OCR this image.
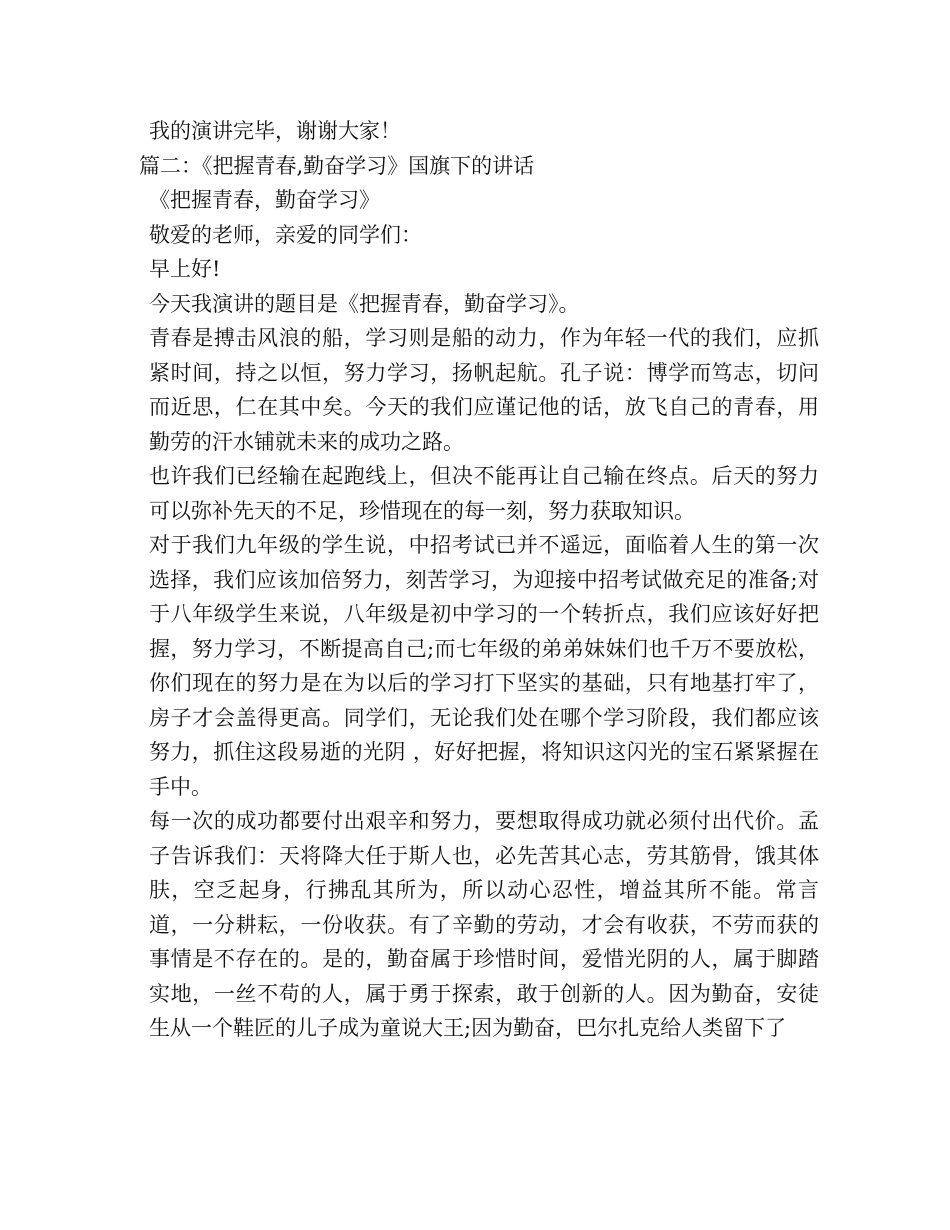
我的演讲完毕，谢谢大家！

篇二：《把握青春,勤奋学习》国旗下的讲话

《把握青春，勤奋学习》

敬爱的老师，亲爱的同学们：

早上好!

今天我演讲的题目是《把握青春，勤奋学习》。

青春是搏击风浪的船，学习则是船的动力，作为年轻一代的我们，应抓紧时间，持之以恒，努力学习，扬帆起航。孔子说：博学而笃志，切问而近思，仁在其中矣。今天的我们应谨记他的话，放飞自己的青春，用勤劳的汗水铺就未来的成功之路。

也许我们已经输在起跑线上，但决不能再让自己输在终点。后天的努力可以弥补先天的不足，珍惜现在的每一刻，努力获取知识。

对于我们九年级的学生说，中招考试已并不遥远，面临着人生的第一次选择，我们应该加倍努力，刻苦学习，为迎接中招考试做充足的准备;对于八年级学生来说，八年级是初中学习的一个转折点，我们应该好好把握，努力学习，不断提高自己;而七年级的弟弟妹妹们也千万不要放松，你们现在的努力是在为以后的学习打下坚实的基础，只有地基打牢了，房子才会盖得更高。同学们，无论我们处在哪个学习阶段，我们都应该努力，抓住这段易逝的光阴 ，好好把握，将知识这闪光的宝石紧紧握在手中。

每一次的成功都要付出艰辛和努力，要想取得成功就必须付出代价。孟子告诉我们：天将降大任于斯人也，必先苦其心志，劳其筋骨，饿其体肤，空乏起身，行拂乱其所为，所以动心忍性，增益其所不能。常言道，一分耕耘，一份收获。有了辛勤的劳动，才会有收获，不劳而获的事情是不存在的。是的，勤奋属于珍惜时间，爱惜光阴的人，属于脚踏实地，一丝不苟的人，属于勇于探索，敢于创新的人。因为勤奋，安徒生从一个鞋匠的儿子成为童说大王;因为勤奋，巴尔扎克给人类留下了
